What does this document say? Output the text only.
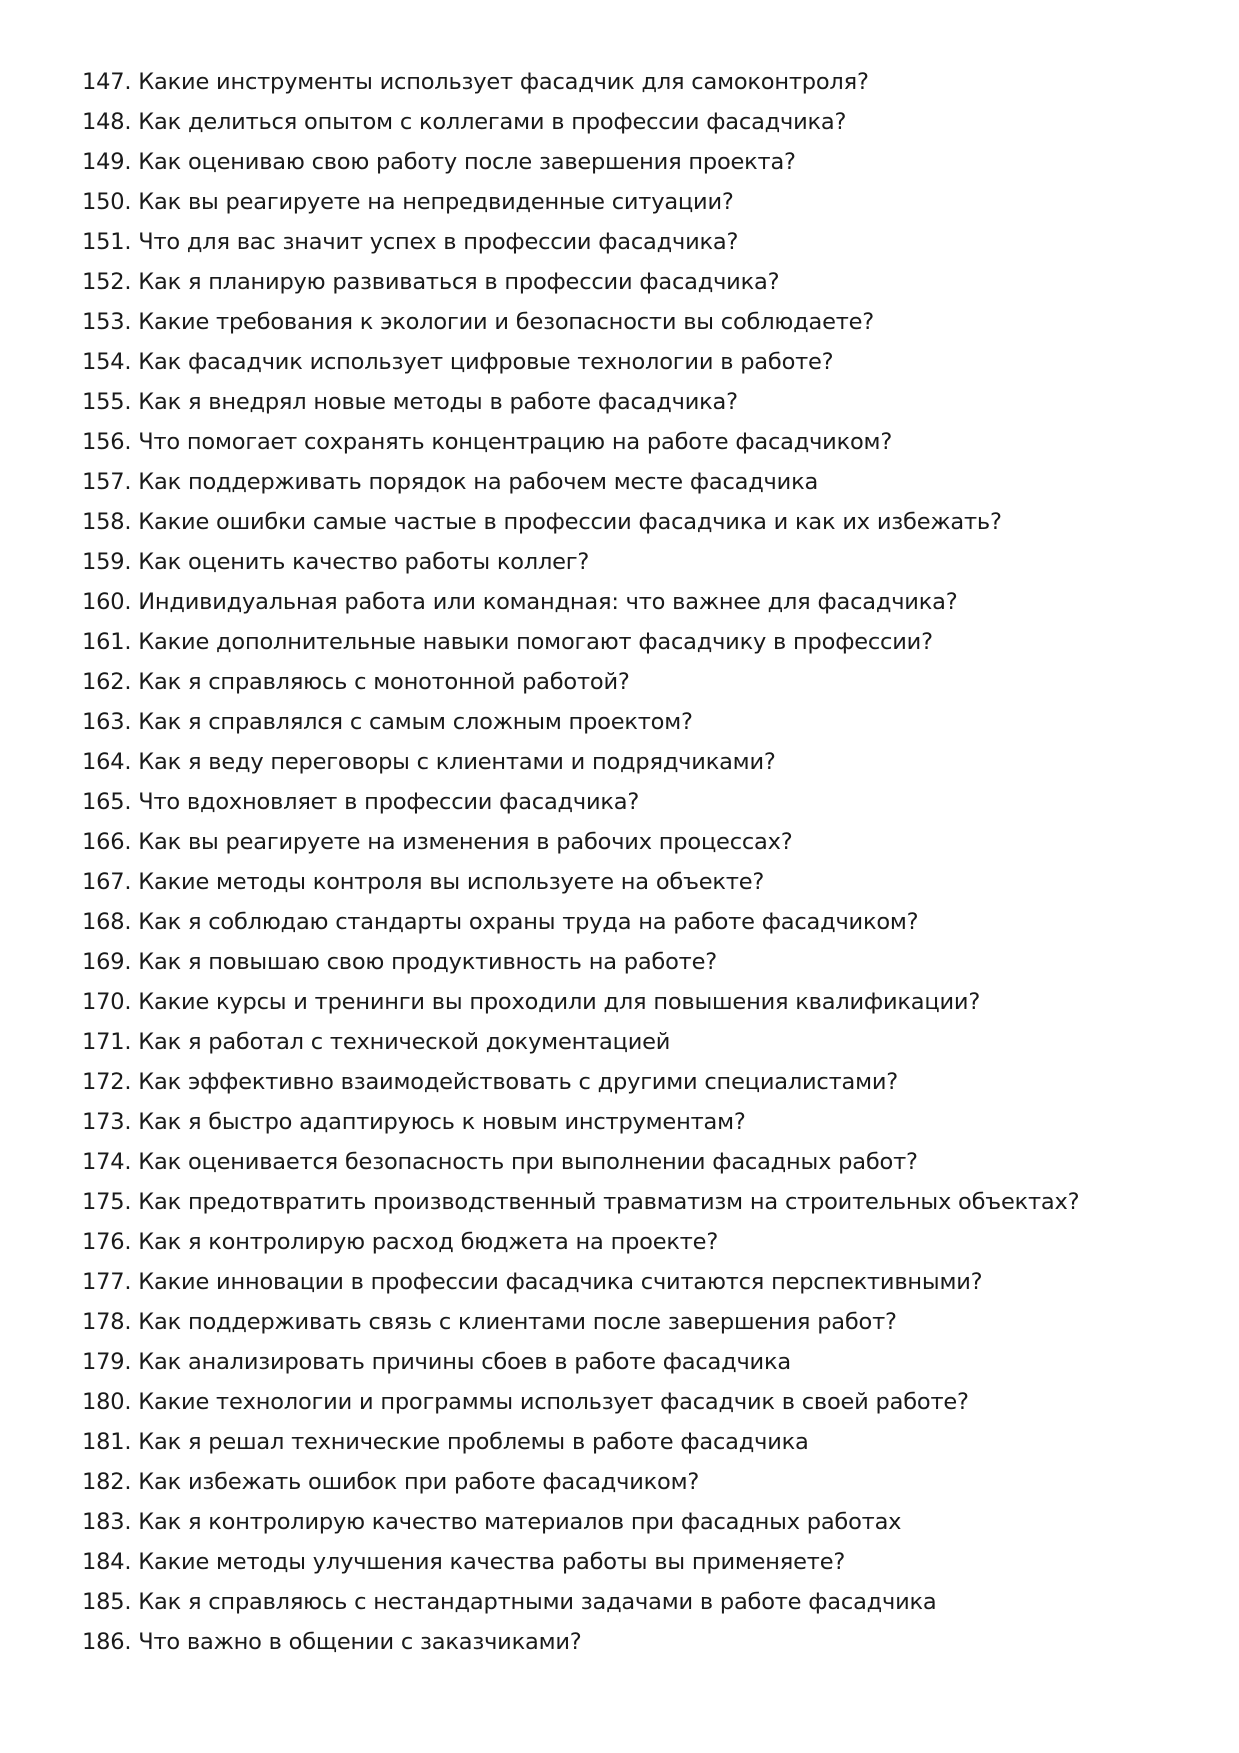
147. Какие инструменты использует фасадчик для самоконтроля?
148. Как делиться опытом с коллегами в профессии фасадчика?
149. Как оцениваю свою работу после завершения проекта?
150. Как вы реагируете на непредвиденные ситуации?
151. Что для вас значит успех в профессии фасадчика?
152. Как я планирую развиваться в профессии фасадчика?
153. Какие требования к экологии и безопасности вы соблюдаете?
154. Как фасадчик использует цифровые технологии в работе?
155. Как я внедрял новые методы в работе фасадчика?
156. Что помогает сохранять концентрацию на работе фасадчиком?
157. Как поддерживать порядок на рабочем месте фасадчика
158. Какие ошибки самые частые в профессии фасадчика и как их избежать?
159. Как оценить качество работы коллег?
160. Индивидуальная работа или командная: что важнее для фасадчика?
161. Какие дополнительные навыки помогают фасадчику в профессии?
162. Как я справляюсь с монотонной работой?
163. Как я справлялся с самым сложным проектом?
164. Как я веду переговоры с клиентами и подрядчиками?
165. Что вдохновляет в профессии фасадчика?
166. Как вы реагируете на изменения в рабочих процессах?
167. Какие методы контроля вы используете на объекте?
168. Как я соблюдаю стандарты охраны труда на работе фасадчиком?
169. Как я повышаю свою продуктивность на работе?
170. Какие курсы и тренинги вы проходили для повышения квалификации?
171. Как я работал с технической документацией
172. Как эффективно взаимодействовать с другими специалистами?
173. Как я быстро адаптируюсь к новым инструментам?
174. Как оценивается безопасность при выполнении фасадных работ?
175. Как предотвратить производственный травматизм на строительных объектах?
176. Как я контролирую расход бюджета на проекте?
177. Какие инновации в профессии фасадчика считаются перспективными?
178. Как поддерживать связь с клиентами после завершения работ?
179. Как анализировать причины сбоев в работе фасадчика
180. Какие технологии и программы использует фасадчик в своей работе?
181. Как я решал технические проблемы в работе фасадчика
182. Как избежать ошибок при работе фасадчиком?
183. Как я контролирую качество материалов при фасадных работах
184. Какие методы улучшения качества работы вы применяете?
185. Как я справляюсь с нестандартными задачами в работе фасадчика
186. Что важно в общении с заказчиками?
